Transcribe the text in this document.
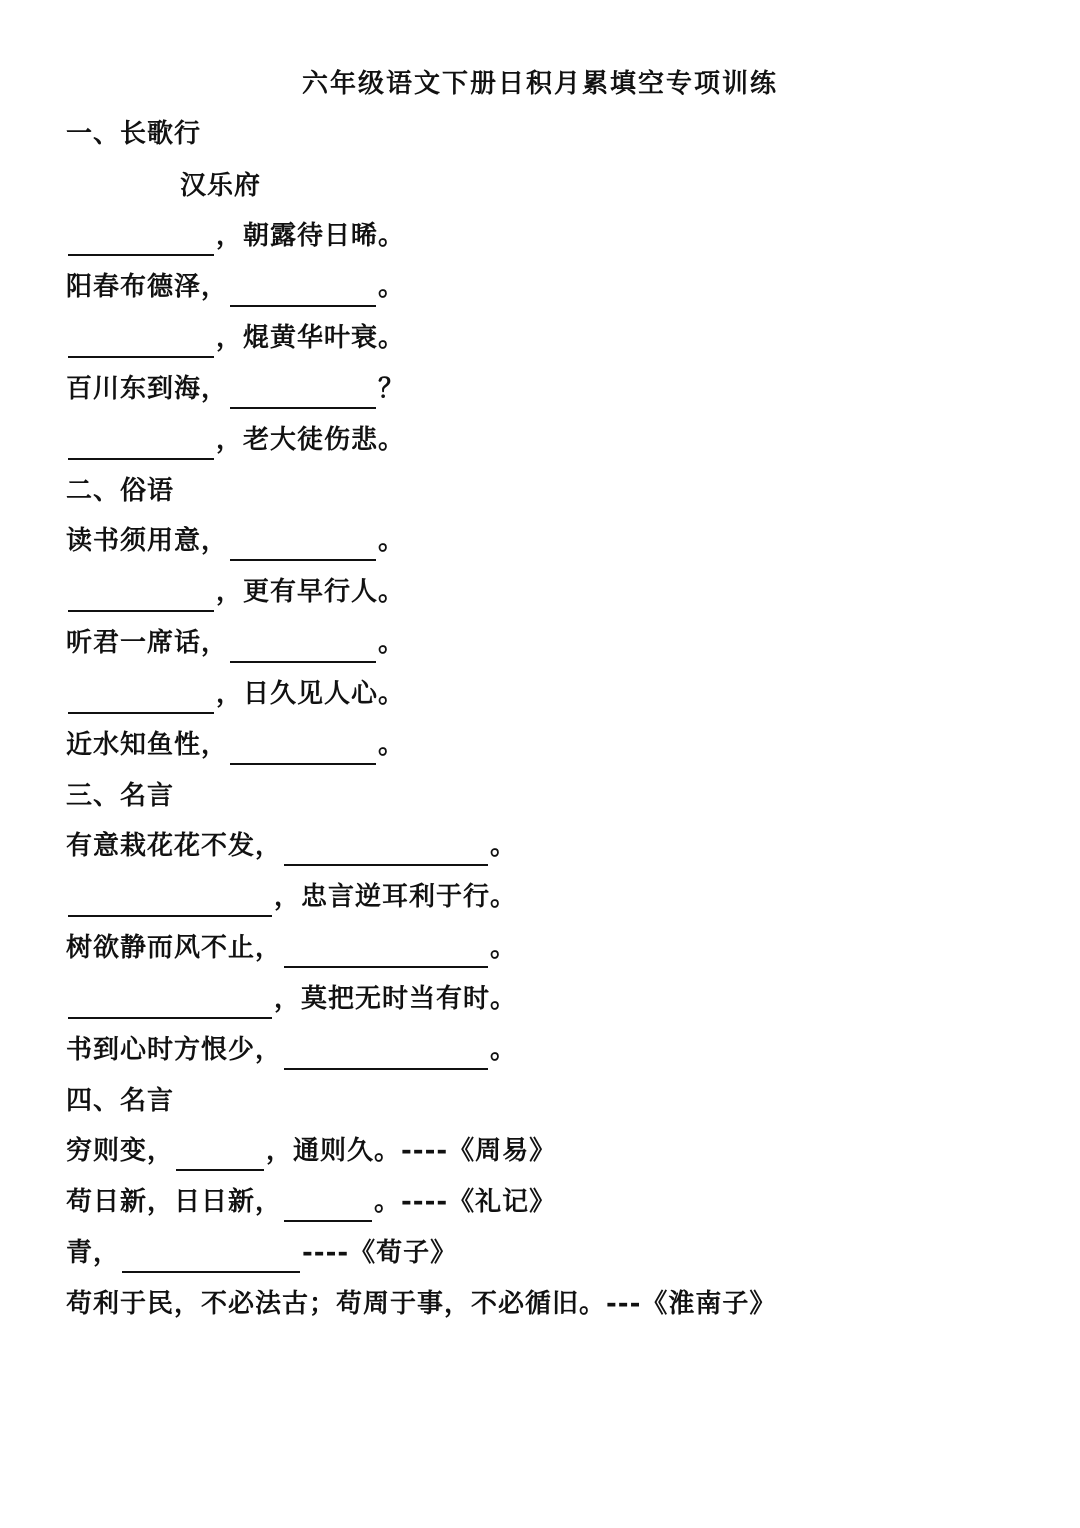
六年级语文下册日积月累填空专项训练
一、长歌行
汉乐府
，朝露待日晞。
阳春布德泽，	。
，焜黄华叶衰。
百川东到海，	？
，老大徒伤悲。
二、俗语
读书须用意，	。
，更有早行人。
听君一席话，	。
，日久见人心。
近水知鱼性，	。
三、名言
有意栽花花不发，	。
，忠言逆耳利于行。
树欲静而风不止，	。
，莫把无时当有时。
书到心时方恨少，	。
四、名言
穷则变，	，通则久。----《周易》
苟日新，日日新，	。----《礼记》
青，	----《荀子》
苟利于民，不必法古；苟周于事，不必循旧。---《淮南子》
